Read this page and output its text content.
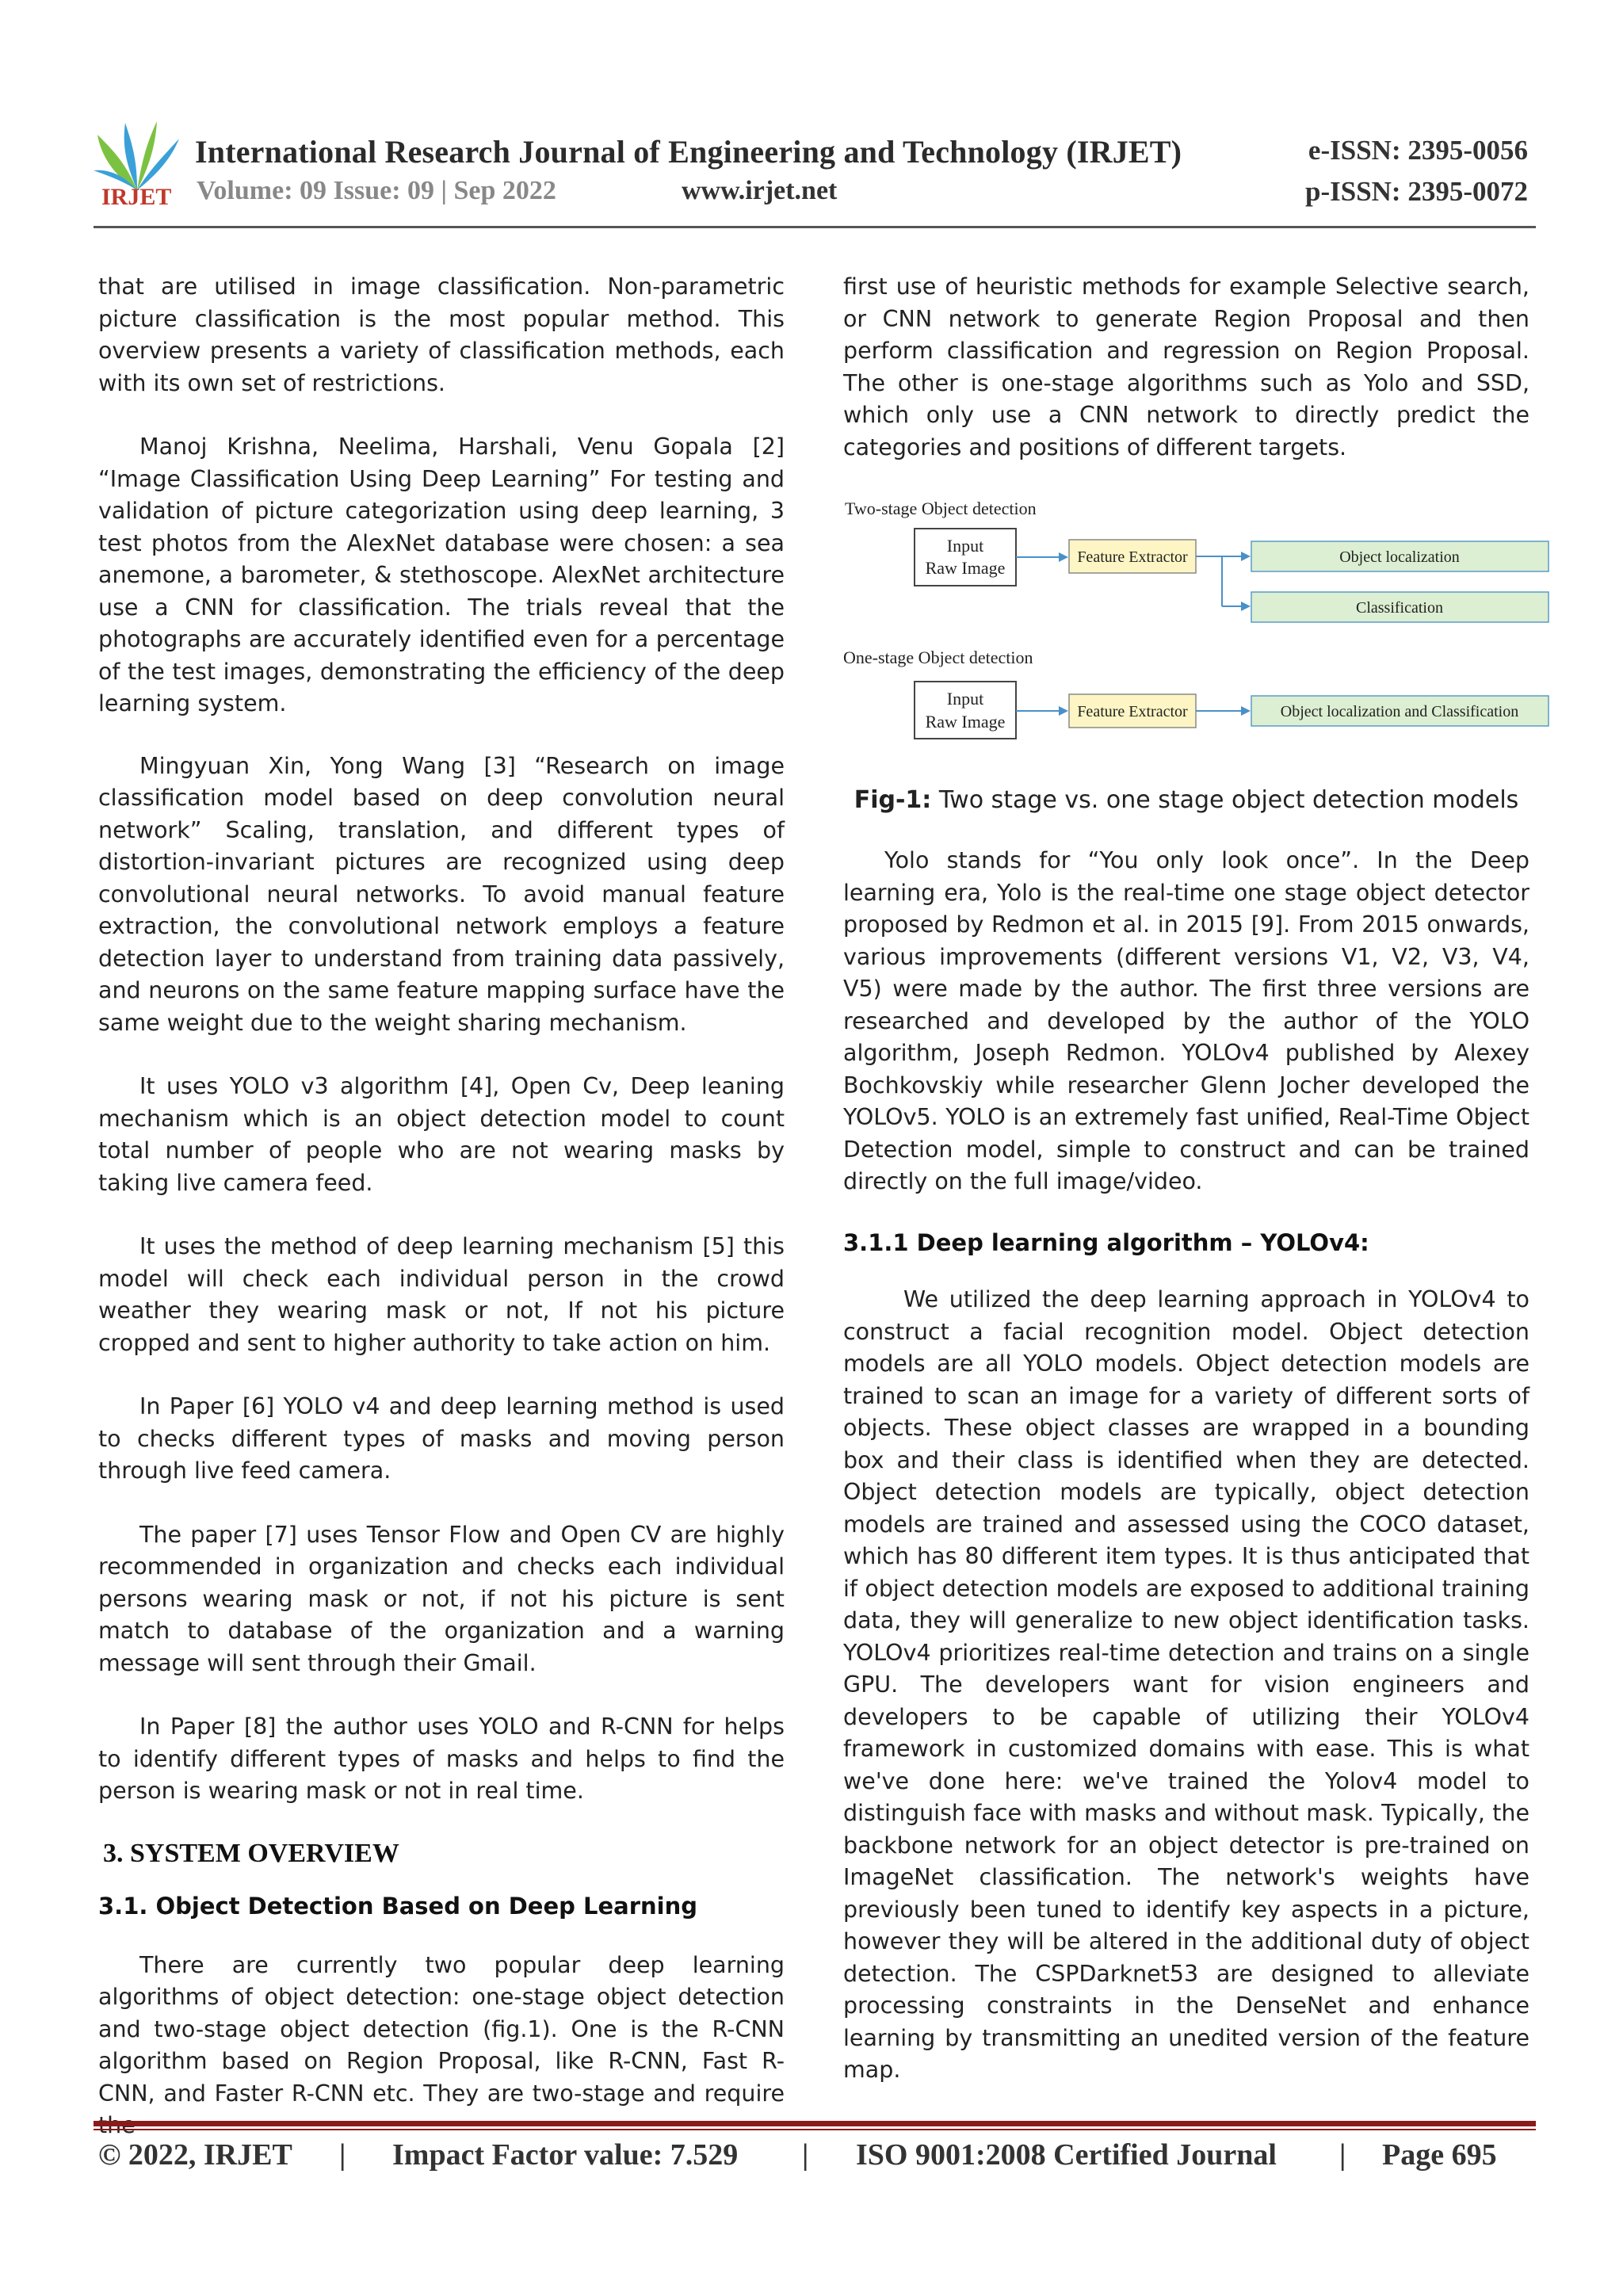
IRJET
International Research Journal of Engineering and Technology (IRJET)
Volume: 09 Issue: 09 | Sep 2022	www.irjet.net
e-ISSN: 2395-0056
p-ISSN: 2395-0072

that are utilised in image classification. Non-parametric picture classification is the most popular method. This overview presents a variety of classification methods, each with its own set of restrictions.

Manoj Krishna, Neelima, Harshali, Venu Gopala [2] “Image Classification Using Deep Learning” For testing and validation of picture categorization using deep learning, 3 test photos from the AlexNet database were chosen: a sea anemone, a barometer, & stethoscope. AlexNet architecture use a CNN for classification. The trials reveal that the photographs are accurately identified even for a percentage of the test images, demonstrating the efficiency of the deep learning system.

Mingyuan Xin, Yong Wang [3] “Research on image classification model based on deep convolution neural network” Scaling, translation, and different types of distortion-invariant pictures are recognized using deep convolutional neural networks. To avoid manual feature extraction, the convolutional network employs a feature detection layer to understand from training data passively, and neurons on the same feature mapping surface have the same weight due to the weight sharing mechanism.

It uses YOLO v3 algorithm [4], Open Cv, Deep leaning mechanism which is an object detection model to count total number of people who are not wearing masks by taking live camera feed.

It uses the method of deep learning mechanism [5] this model will check each individual person in the crowd weather they wearing mask or not, If not his picture cropped and sent to higher authority to take action on him.

In Paper [6] YOLO v4 and deep learning method is used to checks different types of masks and moving person through live feed camera.

The paper [7] uses Tensor Flow and Open CV are highly recommended in organization and checks each individual persons wearing mask or not, if not his picture is sent match to database of the organization and a warning message will sent through their Gmail.

In Paper [8] the author uses YOLO and R-CNN for helps to identify different types of masks and helps to find the person is wearing mask or not in real time.

3. SYSTEM OVERVIEW

3.1. Object Detection Based on Deep Learning

There are currently two popular deep learning algorithms of object detection: one-stage object detection and two-stage object detection (fig.1). One is the R-CNN algorithm based on Region Proposal, like R-CNN, Fast R-CNN, and Faster R-CNN etc. They are two-stage and require

first use of heuristic methods for example Selective search, or CNN network to generate Region Proposal and then perform classification and regression on Region Proposal. The other is one-stage algorithms such as Yolo and SSD, which only use a CNN network to directly predict the categories and positions of different targets.

Two-stage Object detection
Input
Raw Image
Feature Extractor	Object localization
Classification
One-stage Object detection
Input
Raw Image	Feature Extractor	Object localization and Classification
Fig-1: Two stage vs. one stage object detection models

Yolo stands for “You only look once”. In the Deep learning era, Yolo is the real-time one stage object detector proposed by Redmon et al. in 2015 [9]. From 2015 onwards, various improvements (different versions V1, V2, V3, V4, V5) were made by the author. The first three versions are researched and developed by the author of the YOLO algorithm, Joseph Redmon. YOLOv4 published by Alexey Bochkovskiy while researcher Glenn Jocher developed the YOLOv5. YOLO is an extremely fast unified, Real-Time Object Detection model, simple to construct and can be trained directly on the full image/video.

3.1.1 Deep learning algorithm – YOLOv4:

We utilized the deep learning approach in YOLOv4 to construct a facial recognition model. Object detection models are all YOLO models. Object detection models are trained to scan an image for a variety of different sorts of objects. These object classes are wrapped in a bounding box and their class is identified when they are detected. Object detection models are typically, object detection models are trained and assessed using the COCO dataset, which has 80 different item types. It is thus anticipated that if object detection models are exposed to additional training data, they will generalize to new object identification tasks. YOLOv4 prioritizes real-time detection and trains on a single GPU. The developers want for vision engineers and developers to be capable of utilizing their YOLOv4 framework in customized domains with ease. This is what we've done here: we've trained the Yolov4 model to distinguish face with masks and without mask. Typically, the backbone network for an object detector is pre-trained on ImageNet classification. The network's weights have previously been tuned to identify key aspects in a picture, however they will be altered in the additional duty of object detection. The CSPDarknet53 are designed to alleviate processing constraints in the DenseNet and enhance learning by transmitting an unedited version of the feature map.

© 2022, IRJET | Impact Factor value: 7.529 | ISO 9001:2008 Certified Journal | Page 695
